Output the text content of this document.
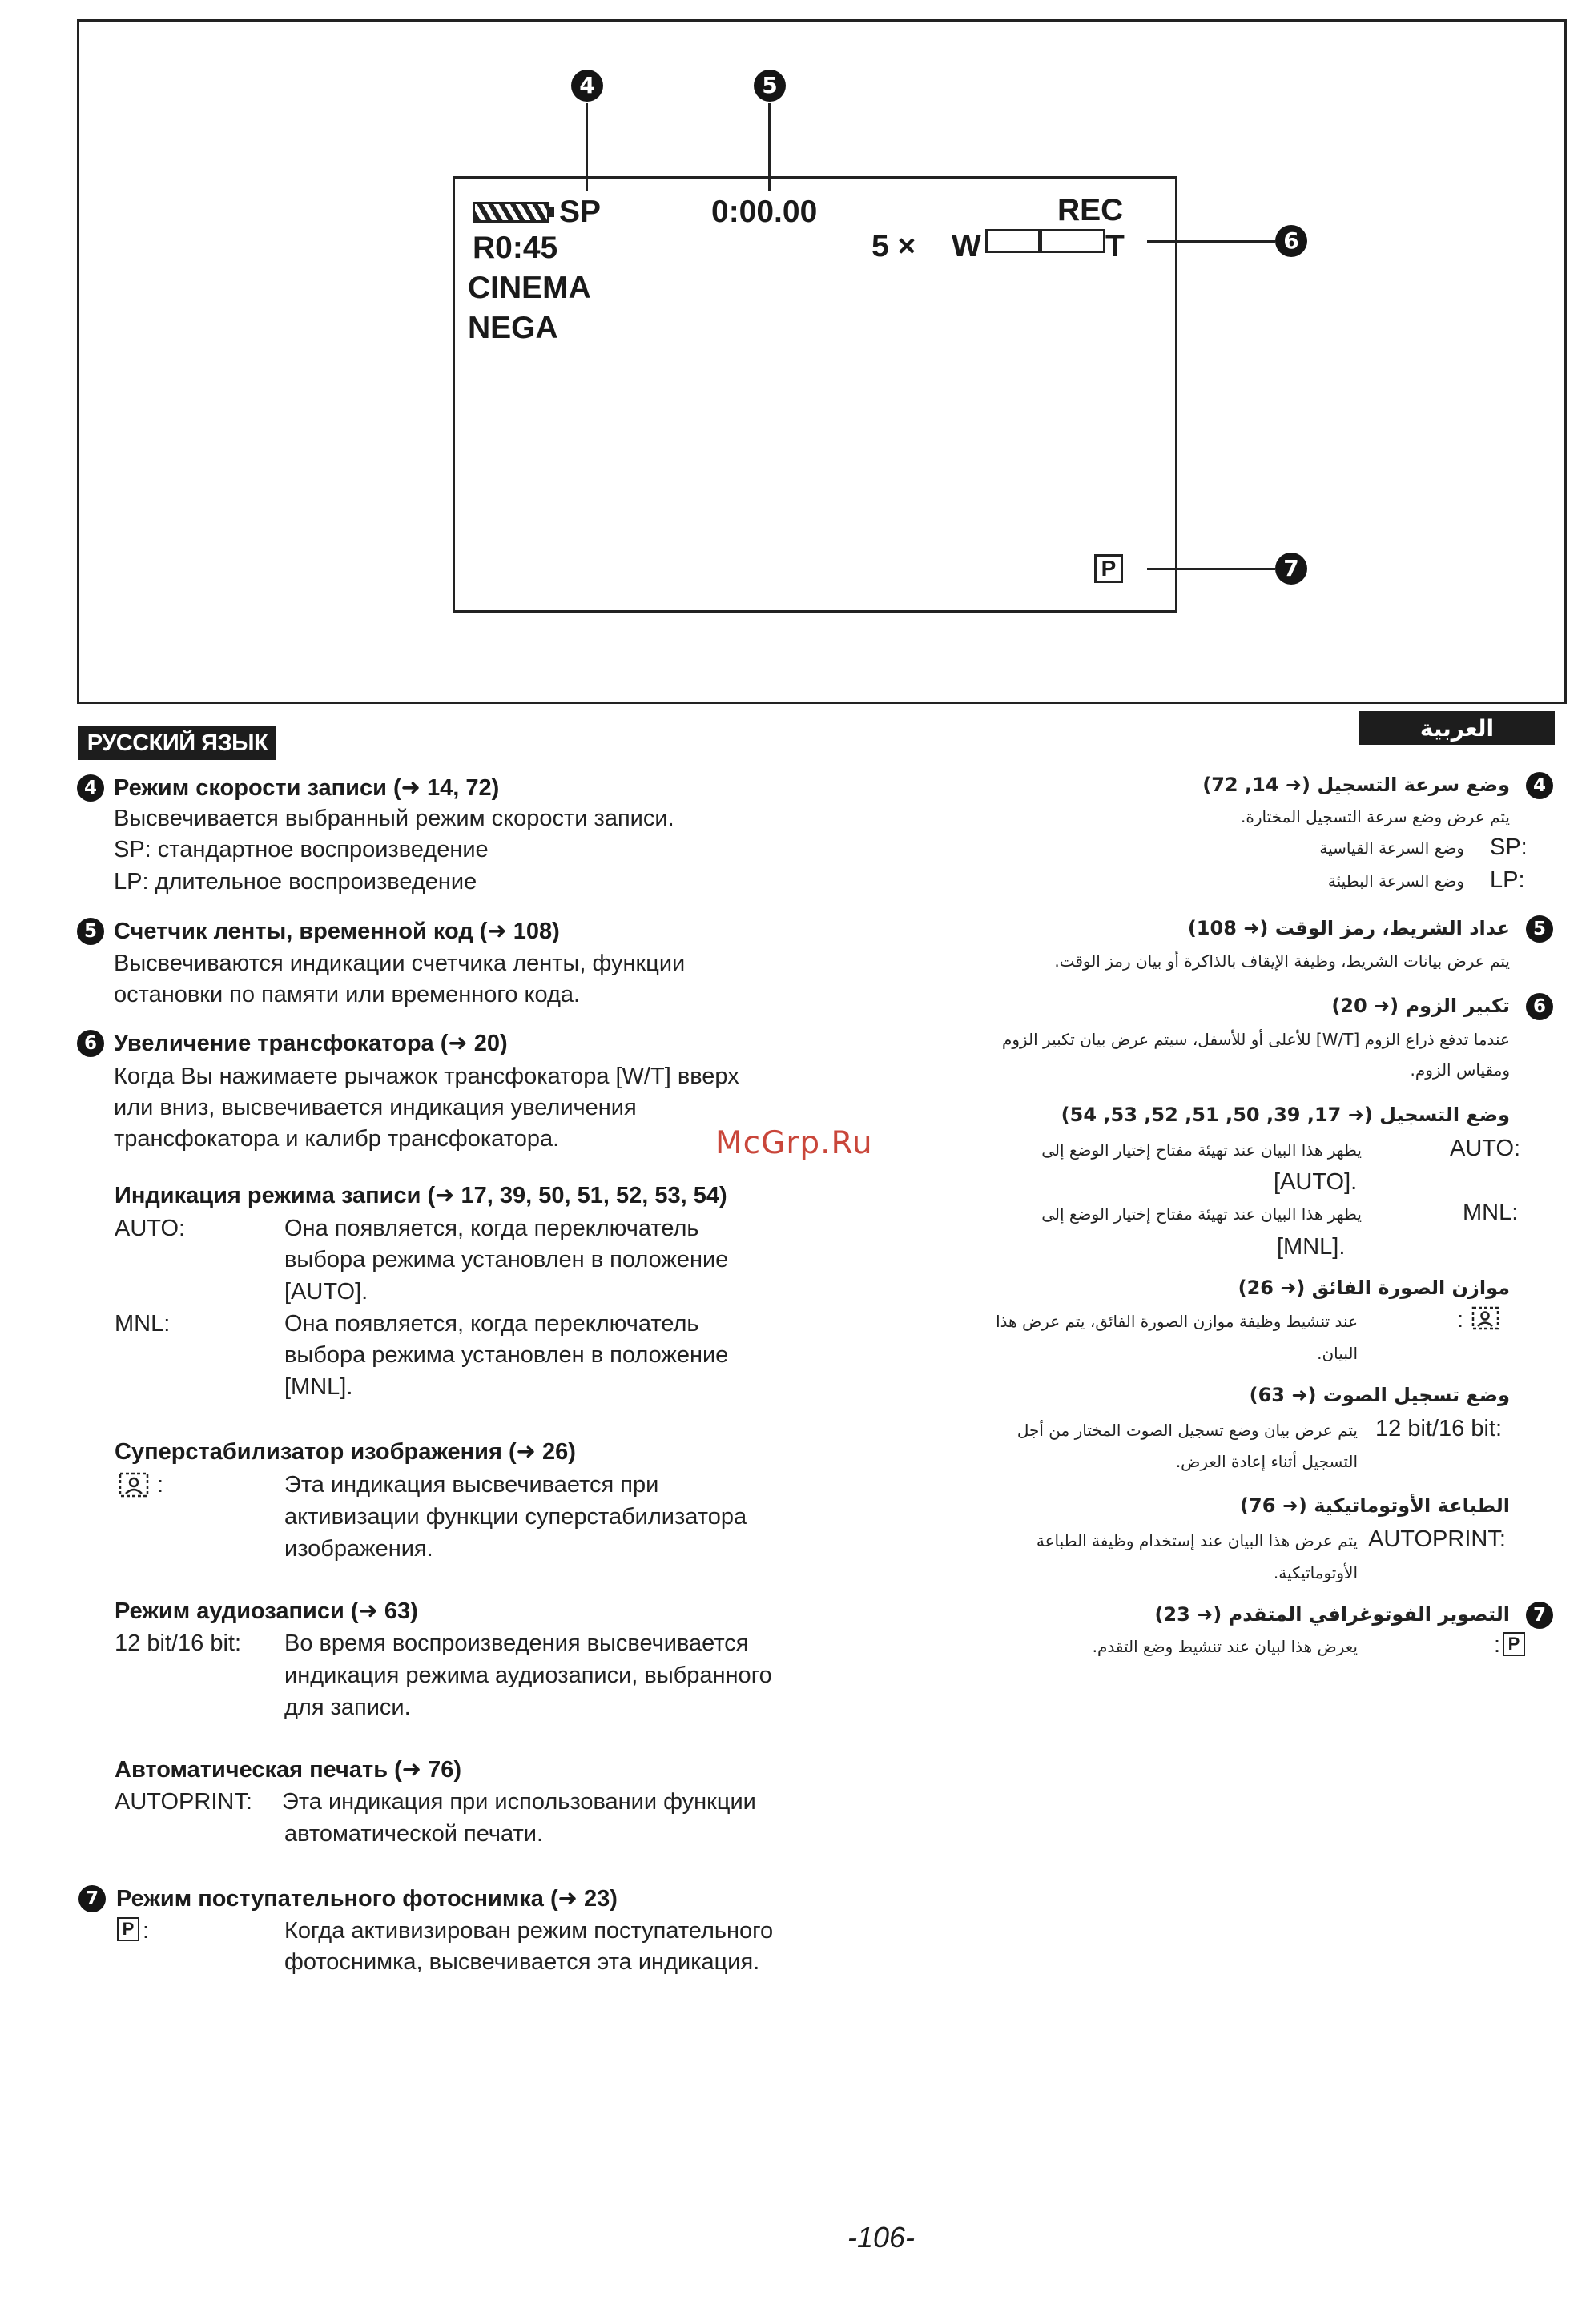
4	5
SP	0:00.00	REC
R0:45	5 × W	T
CINEMA
NEGA
P
6
7
РУССКИЙ ЯЗЫК
العربية
4 Режим скорости записи (➜ 14, 72)
Высвечивается выбранный режим скорости записи.
SP: стандартное воспроизведение
LP: длительное воспроизведение
5 Счетчик ленты, временной код (➜ 108)
Высвечиваются индикации счетчика ленты, функции
остановки по памяти или временного кода.
6 Увеличение трансфокатора (➜ 20)
Когда Вы нажимаете рычажок трансфокатора [W/T] вверх
или вниз, высвечивается индикация увеличения
трансфокатора и калибр трансфокатора.
Индикация режима записи (➜ 17, 39, 50, 51, 52, 53, 54)
AUTO:	Она появляется, когда переключатель
выбора режима установлен в положение
[AUTO].
MNL:	Она появляется, когда переключатель
выбора режима установлен в положение
[MNL].
Суперстабилизатор изображения (➜ 26)
:	Эта индикация высвечивается при
активизации функции суперстабилизатора
изображения.
Режим аудиозаписи (➜ 63)
12 bit/16 bit: Во время воспроизведения высвечивается
индикация режима аудиозаписи, выбранного
для записи.
Автоматическая печать (➜ 76)
AUTOPRINT: Эта индикация при использовании функции
автоматической печати.
7 Режим поступательного фотоснимка (➜ 23)
P :	Когда активизирован режим поступательного
фотоснимка, высвечивается эта индикация.
4
وضع سرعة التسجيل (➜ 14, 72)
يتم عرض وضع سرعة التسجيل المختارة.
SP:
وضع السرعة القياسية
LP:
وضع السرعة البطيئة
5
عداد الشريط، رمز الوقت (➜ 108)
يتم عرض بيانات الشريط، وظيفة الإيقاف بالذاكرة أو بيان رمز الوقت.
6
تكبير الزوم (➜ 20)
عندما تدفع ذراع الزوم [W/T] للأعلى أو للأسفل، سيتم عرض بيان تكبير الزوم
ومقياس الزوم.
وضع التسجيل (➜ 17, 39, 50, 51, 52, 53, 54)
AUTO:
يظهر هذا البيان عند تهيئة مفتاح إختيار الوضع إلى
[AUTO].
MNL:
يظهر هذا البيان عند تهيئة مفتاح إختيار الوضع إلى
[MNL].
موازن الصورة الفائق (➜ 26)
:
عند تنشيط وظيفة موازن الصورة الفائق، يتم عرض هذا
البيان.
وضع تسجيل الصوت (➜ 63)
12 bit/16 bit:
يتم عرض بيان وضع تسجيل الصوت المختار من أجل
التسجيل أثناء إعادة العرض.
الطباعة الأوتوماتيكية (➜ 76)
AUTOPRINT:
يتم عرض هذا البيان عند إستخدام وظيفة الطباعة
الأوتوماتيكية.
7
التصوير الفوتوغرافي المتقدم (➜ 23)
: P
يعرض هذا لبيان عند تنشيط وضع التقدم.
McGrp.Ru
-106-
